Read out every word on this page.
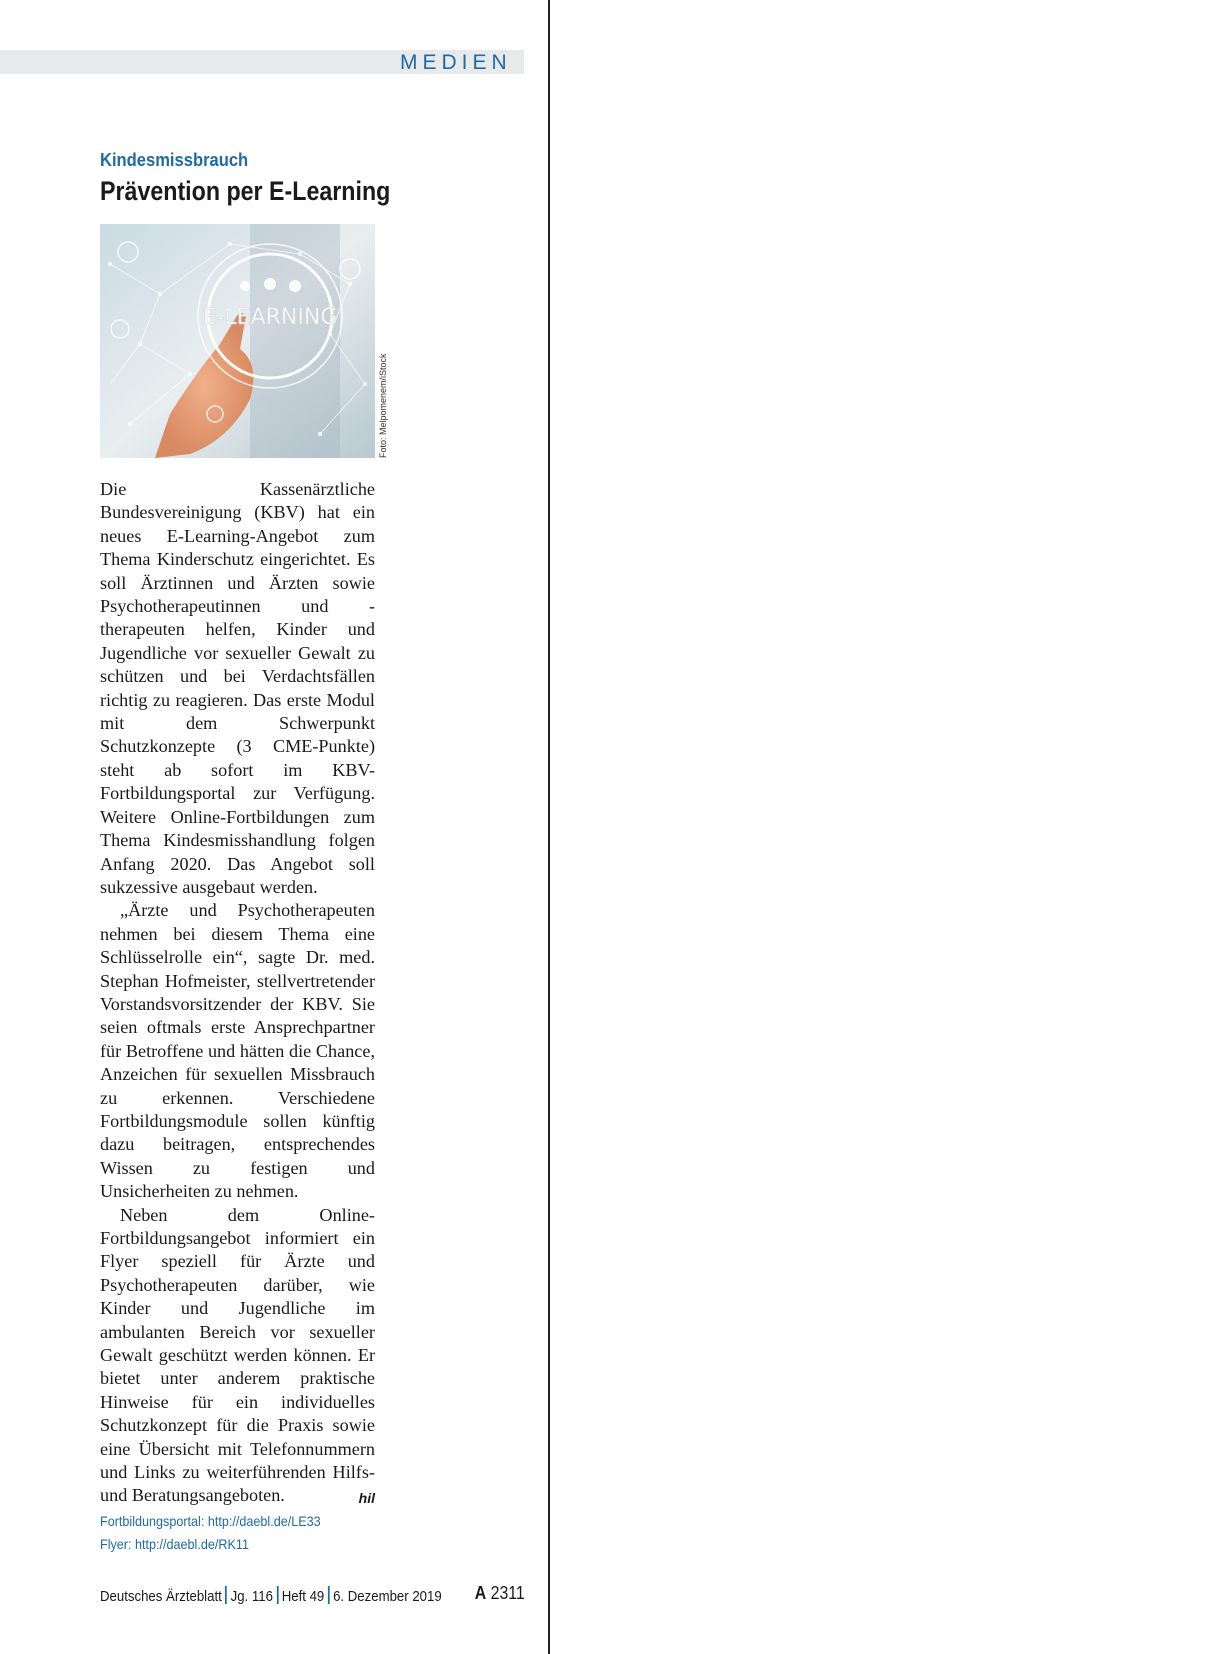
MEDIEN
Kindesmissbrauch
Prävention per E-Learning
E-LEARNING
Foto: Melpomenem/iStock

Die Kassenärztliche Bundesvereinigung (KBV) hat ein neues E-Learning-Angebot zum Thema Kinderschutz eingerichtet. Es soll Ärztinnen und Ärzten sowie Psychotherapeutinnen und -therapeuten helfen, Kinder und Jugendliche vor sexueller Gewalt zu schützen und bei Verdachtsfällen richtig zu reagieren. Das erste Modul mit dem Schwerpunkt Schutzkonzepte (3 CME-Punkte) steht ab sofort im KBV-Fortbildungsportal zur Verfügung. Weitere Online-Fortbildungen zum Thema Kindesmisshandlung folgen Anfang 2020. Das Angebot soll sukzessive ausgebaut werden.

„Ärzte und Psychotherapeuten nehmen bei diesem Thema eine Schlüsselrolle ein“, sagte Dr. med. Stephan Hofmeister, stellvertretender Vorstandsvorsitzender der KBV. Sie seien oftmals erste Ansprechpartner für Betroffene und hätten die Chance, Anzeichen für sexuellen Missbrauch zu erkennen. Verschiedene Fortbildungsmodule sollen künftig dazu beitragen, entsprechendes Wissen zu festigen und Unsicherheiten zu nehmen.

Neben dem Online-Fortbildungsangebot informiert ein Flyer speziell für Ärzte und Psychotherapeuten darüber, wie Kinder und Jugendliche im ambulanten Bereich vor sexueller Gewalt geschützt werden können. Er bietet unter anderem praktische Hinweise für ein individuelles Schutzkonzept für die Praxis sowie eine Übersicht mit Telefonnummern und Links zu weiterführenden Hilfs- und Beratungsangeboten.	hil

Fortbildungsportal: http://daebl.de/LE33
Flyer: http://daebl.de/RK11
Deutsches Ärzteblatt Jg. 116 Heft 49 6. Dezember 2019 A 2311
